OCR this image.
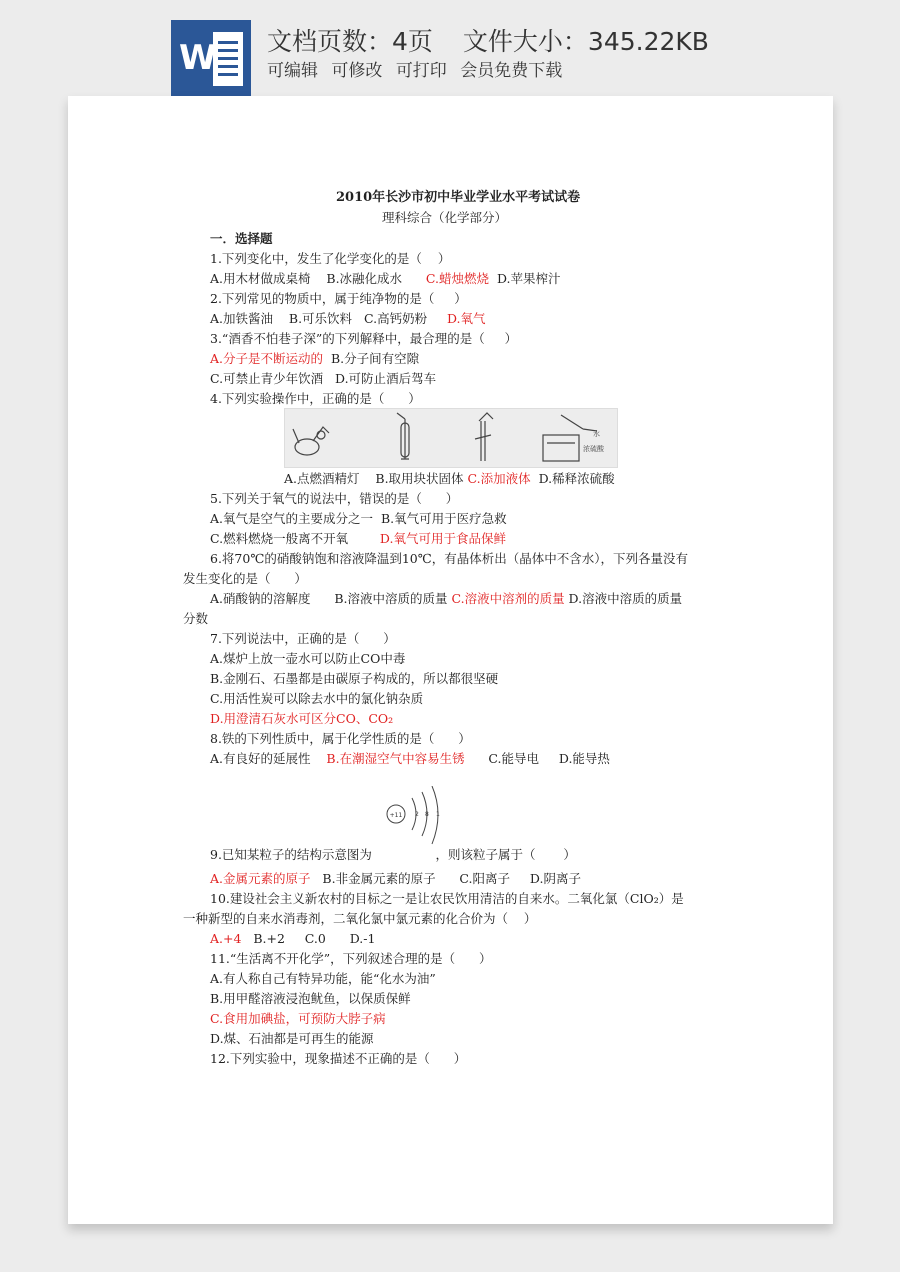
W 文档页数：4页 文件大小：345.22KB
可编辑 可修改 可打印 会员免费下载
2010年长沙市初中毕业学业水平考试试卷
理科综合（化学部分）
一．选择题
水
浓硫酸
+11 2 8 1
1.下列变化中，发生了化学变化的是（    ）
A.用木材做成桌椅    B.冰融化成水      C.蜡烛燃烧  D.苹果榨汁
2.下列常见的物质中，属于纯净物的是（     ）
A.加铁酱油    B.可乐饮料   C.高钙奶粉     D.氧气
3.“酒香不怕巷子深”的下列解释中，最合理的是（     ）
A.分子是不断运动的  B.分子间有空隙
C.可禁止青少年饮酒   D.可防止酒后驾车
4.下列实验操作中，正确的是（      ）
A.点燃酒精灯    B.取用块状固体 C.添加液体  D.稀释浓硫酸
5.下列关于氧气的说法中，错误的是（      ）
A.氧气是空气的主要成分之一  B.氧气可用于医疗急救
C.燃料燃烧一般离不开氧        D.氧气可用于食品保鲜
6.将70℃的硝酸钠饱和溶液降温到10℃，有晶体析出（晶体中不含水），下列各量没有
发生变化的是（      ）
A.硝酸钠的溶解度      B.溶液中溶质的质量 C.溶液中溶剂的质量 D.溶液中溶质的质量
分数
7.下列说法中，正确的是（      ）
A.煤炉上放一壶水可以防止CO中毒
B.金刚石、石墨都是由碳原子构成的，所以都很坚硬
C.用活性炭可以除去水中的氯化钠杂质
D.用澄清石灰水可区分CO、CO₂
8.铁的下列性质中，属于化学性质的是（      ）
A.有良好的延展性    B.在潮湿空气中容易生锈      C.能导电     D.能导热
9.已知某粒子的结构示意图为                ，则该粒子属于（       ）
A.金属元素的原子   B.非金属元素的原子      C.阳离子     D.阴离子
10.建设社会主义新农村的目标之一是让农民饮用清洁的自来水。二氧化氯（ClO₂）是
一种新型的自来水消毒剂，二氧化氯中氯元素的化合价为（    ）
A.+4   B.+2     C.0      D.-1
11.“生活离不开化学”，下列叙述合理的是（      ）
A.有人称自己有特异功能，能“化水为油”
B.用甲醛溶液浸泡鱿鱼，以保质保鲜
C.食用加碘盐，可预防大脖子病
D.煤、石油都是可再生的能源
12.下列实验中，现象描述不正确的是（      ）
